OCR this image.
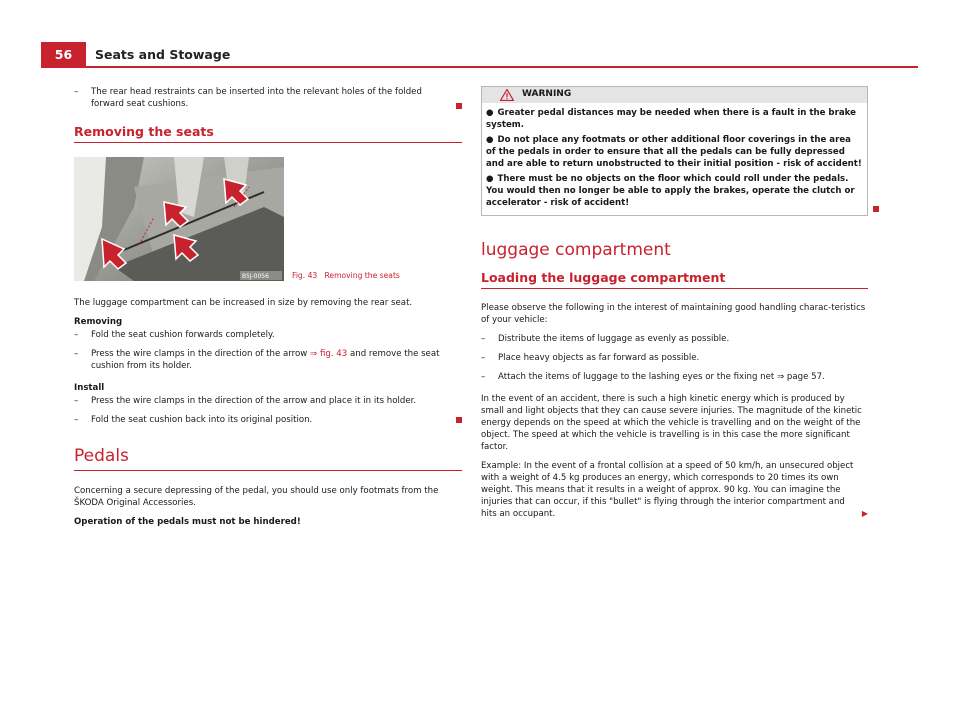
56	Seats and Stowage
– The rear head restraints can be inserted into the relevant holes of the folded forward seat cushions.
Removing the seats
B5J-0056	Fig. 43 Removing the seats

The luggage compartment can be increased in size by removing the rear seat.

Removing
– Fold the seat cushion forwards completely.
– Press the wire clamps in the direction of the arrow ⇒ fig. 43 and remove the seat cushion from its holder.
Install
– Press the wire clamps in the direction of the arrow and place it in its holder.
– Fold the seat cushion back into its original position.
Pedals

Concerning a secure depressing of the pedal, you should use only footmats from the ŠKODA Original Accessories.

Operation of the pedals must not be hindered!

WARNING

● Greater pedal distances may be needed when there is a fault in the brake system.

● Do not place any footmats or other additional floor coverings in the area of the pedals in order to ensure that all the pedals can be fully depressed and are able to return unobstructed to their initial position - risk of accident!

● There must be no objects on the floor which could roll under the pedals. You would then no longer be able to apply the brakes, operate the clutch or accelerator - risk of accident!

luggage compartment
Loading the luggage compartment

Please observe the following in the interest of maintaining good handling charac-teristics of your vehicle:

– Distribute the items of luggage as evenly as possible.
– Place heavy objects as far forward as possible.
– Attach the items of luggage to the lashing eyes or the fixing net ⇒ page 57.

In the event of an accident, there is such a high kinetic energy which is produced by small and light objects that they can cause severe injuries. The magnitude of the kinetic energy depends on the speed at which the vehicle is travelling and on the weight of the object. The speed at which the vehicle is travelling is in this case the more significant factor.

Example: In the event of a frontal collision at a speed of 50 km/h, an unsecured object with a weight of 4.5 kg produces an energy, which corresponds to 20 times its own weight. This means that it results in a weight of approx. 90 kg. You can imagine the injuries that can occur, if this "bullet" is flying through the interior compartment and hits an occupant.	▶
